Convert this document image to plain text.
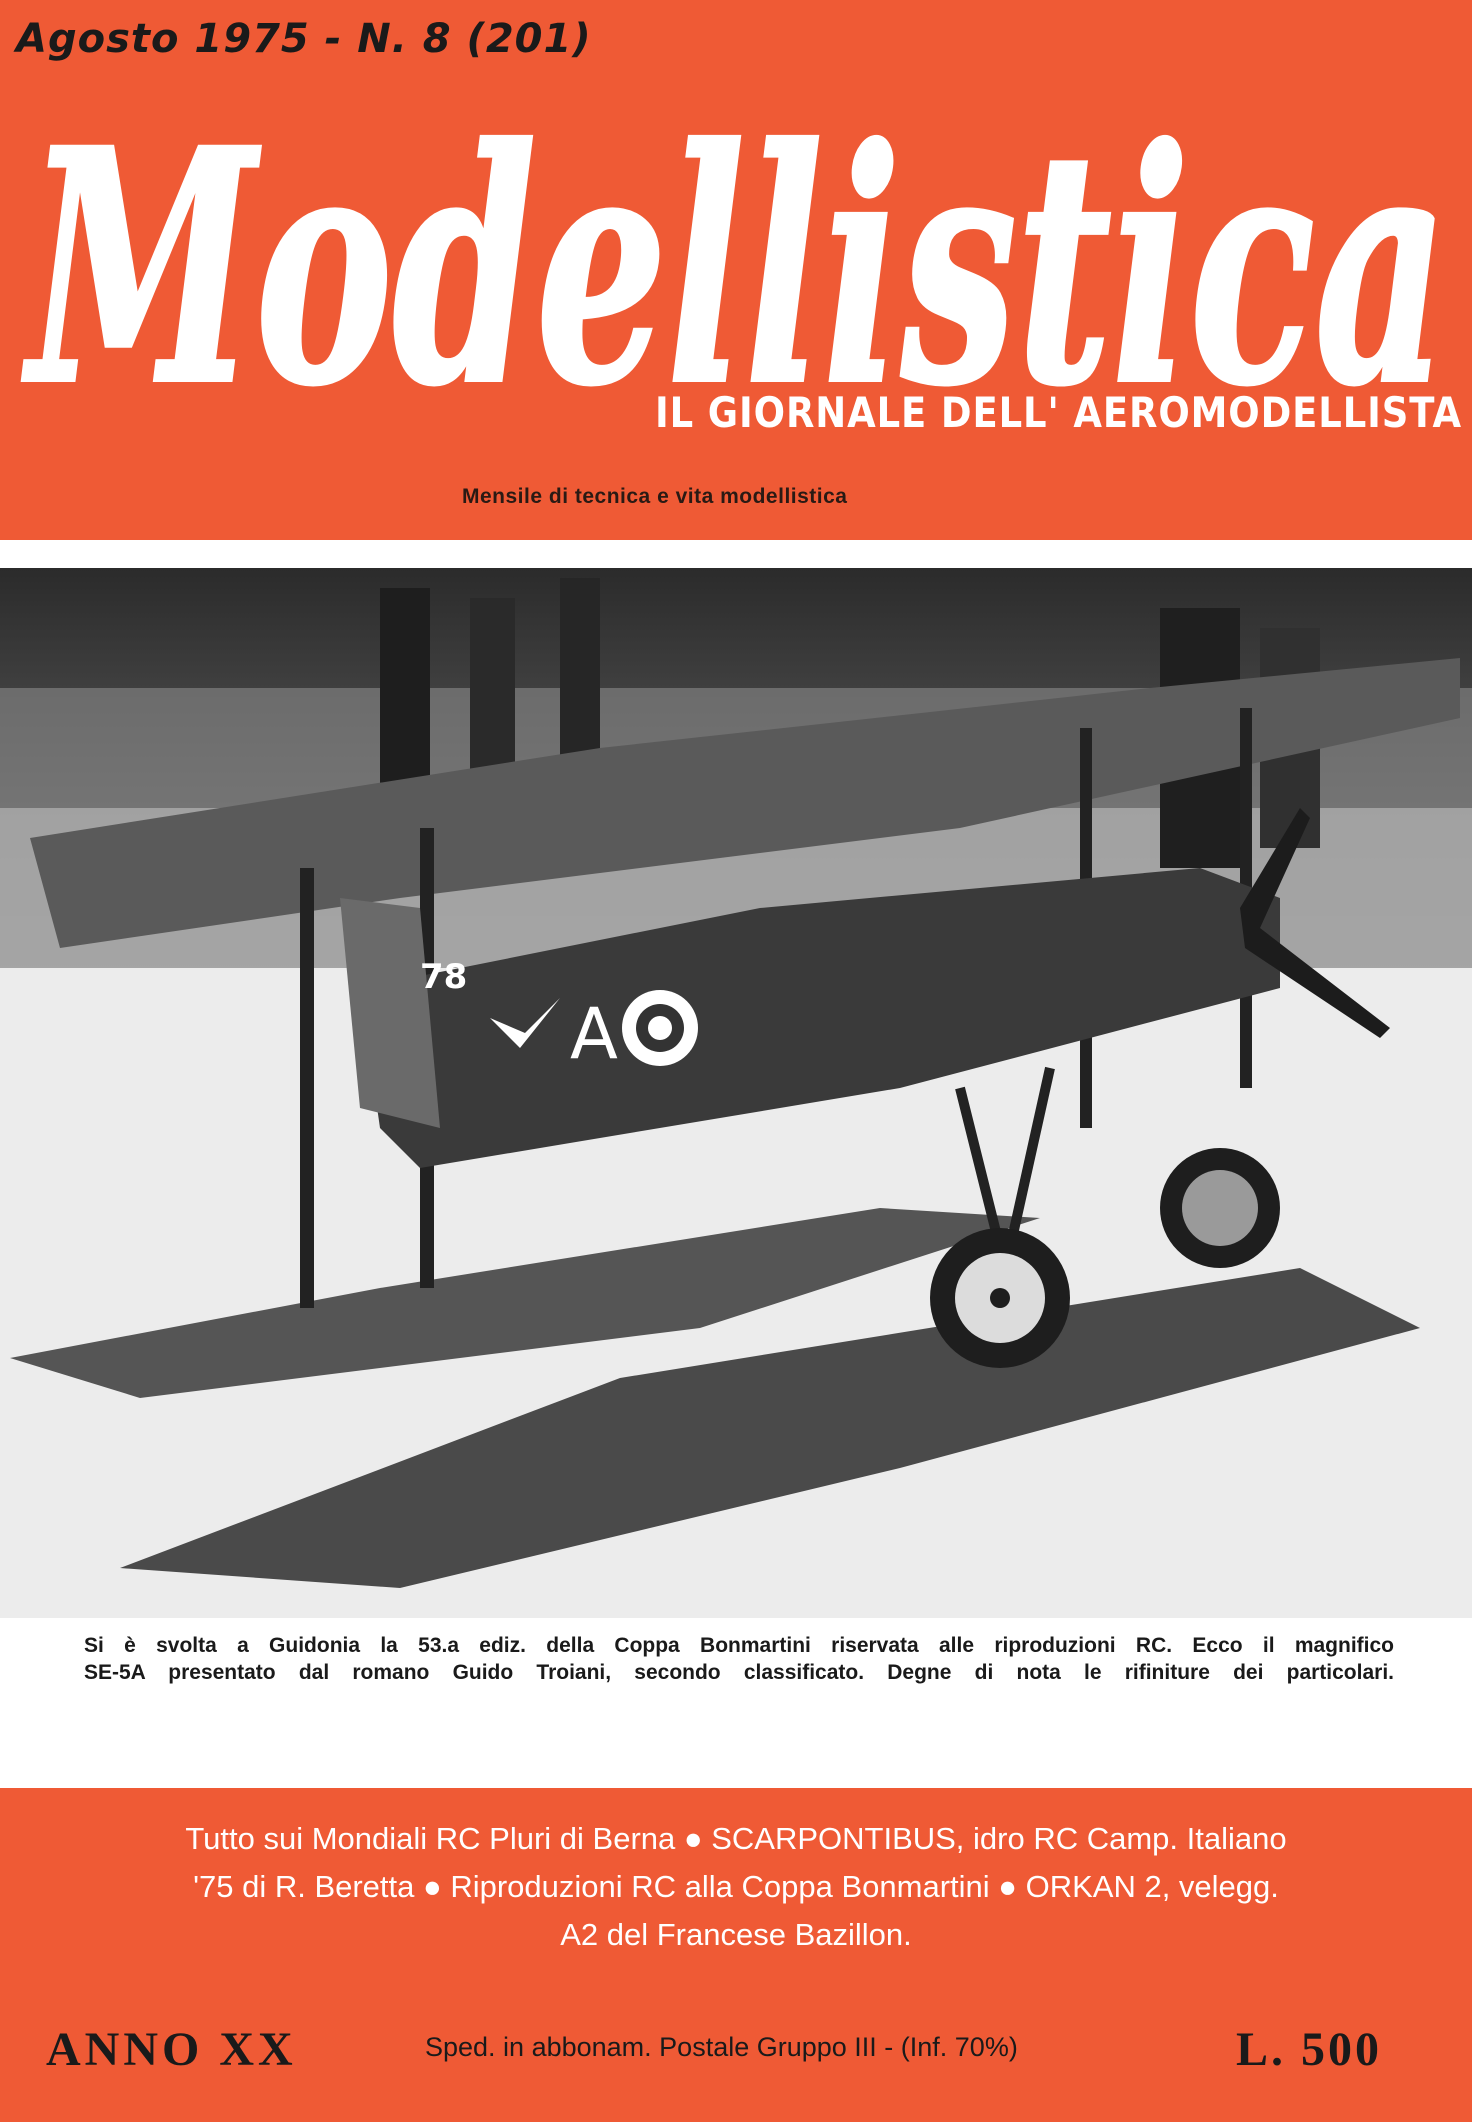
Agosto 1975 - N. 8 (201)
Modellistica
IL GIORNALE DELL' AEROMODELLISTA
Mensile di tecnica e vita modellistica
A
78
Si è svolta a Guidonia la 53.a ediz. della Coppa Bonmartini riservata alle riproduzioni RC. Ecco il magnifico
SE-5A presentato dal romano Guido Troiani, secondo classificato. Degne di nota le rifiniture dei particolari.
Tutto sui Mondiali RC Pluri di Berna ● SCARPONTIBUS, idro RC Camp. Italiano
'75 di R. Beretta ● Riproduzioni RC alla Coppa Bonmartini ● ORKAN 2, velegg.
A2 del Francese Bazillon.
ANNO XX	Sped. in abbonam. Postale Gruppo III - (Inf. 70%)	L. 500
